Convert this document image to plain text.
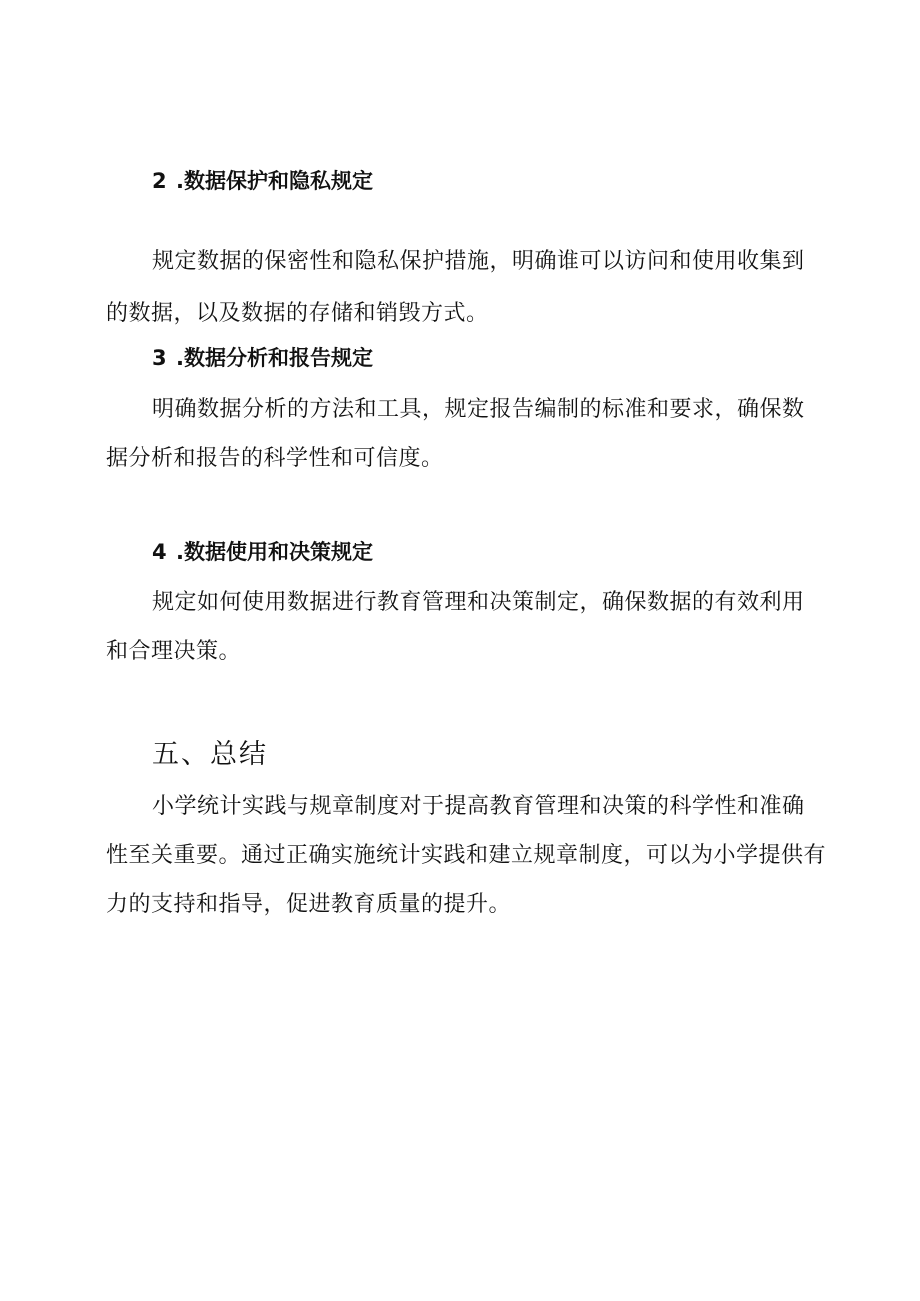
2 .数据保护和隐私规定

规定数据的保密性和隐私保护措施，明确谁可以访问和使用收集到的数据，以及数据的存储和销毁方式。

3 .数据分析和报告规定

明确数据分析的方法和工具，规定报告编制的标准和要求，确保数据分析和报告的科学性和可信度。

4 .数据使用和决策规定

规定如何使用数据进行教育管理和决策制定，确保数据的有效利用和合理决策。

五、总结

小学统计实践与规章制度对于提高教育管理和决策的科学性和准确性至关重要。通过正确实施统计实践和建立规章制度，可以为小学提供有力的支持和指导，促进教育质量的提升。
